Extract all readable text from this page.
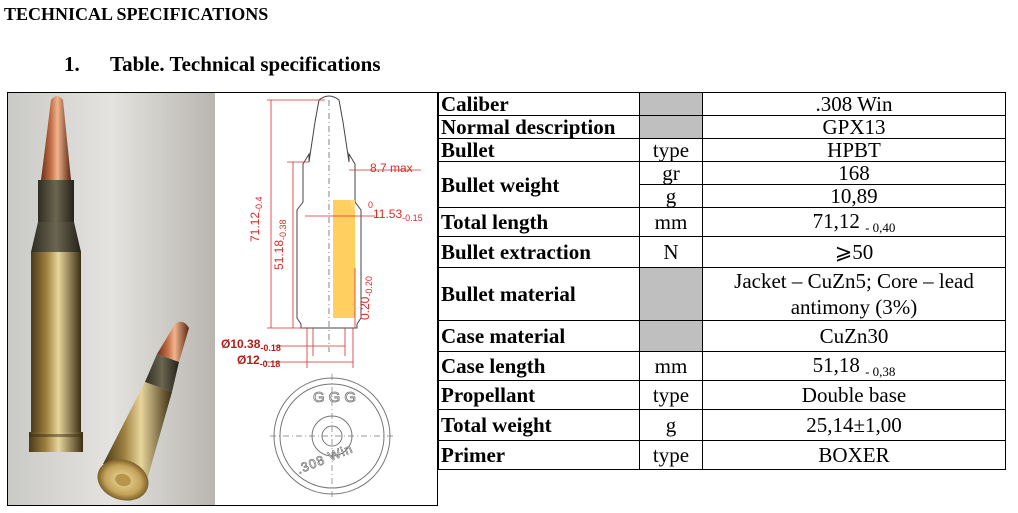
TECHNICAL SPECIFICATIONS
1. Table. Technical specifications
8.7 max
$11.53_{-0.15}$
0
$71.12_{-0.4}$
$51.18_{-0.38}$
$0.20_{-0.20}$
$Ø10.38_{-0.18}$
$Ø12_{-0.18}$
GGG
.308 Win
Caliber		.308 Win
Normal description		GPX13
Bullet	type	HPBT
Bullet weight	gr	168
	g	10,89
Total length	mm	71,12 - 0,40
Bullet extraction	N	⩾50
Bullet material		Jacket – CuZn5; Core – lead
antimony (3%)

Case material		CuZn30
Case length	mm	51,18 - 0,38
Propellant	type	Double base
Total weight	g	25,14±1,00
Primer	type	BOXER
